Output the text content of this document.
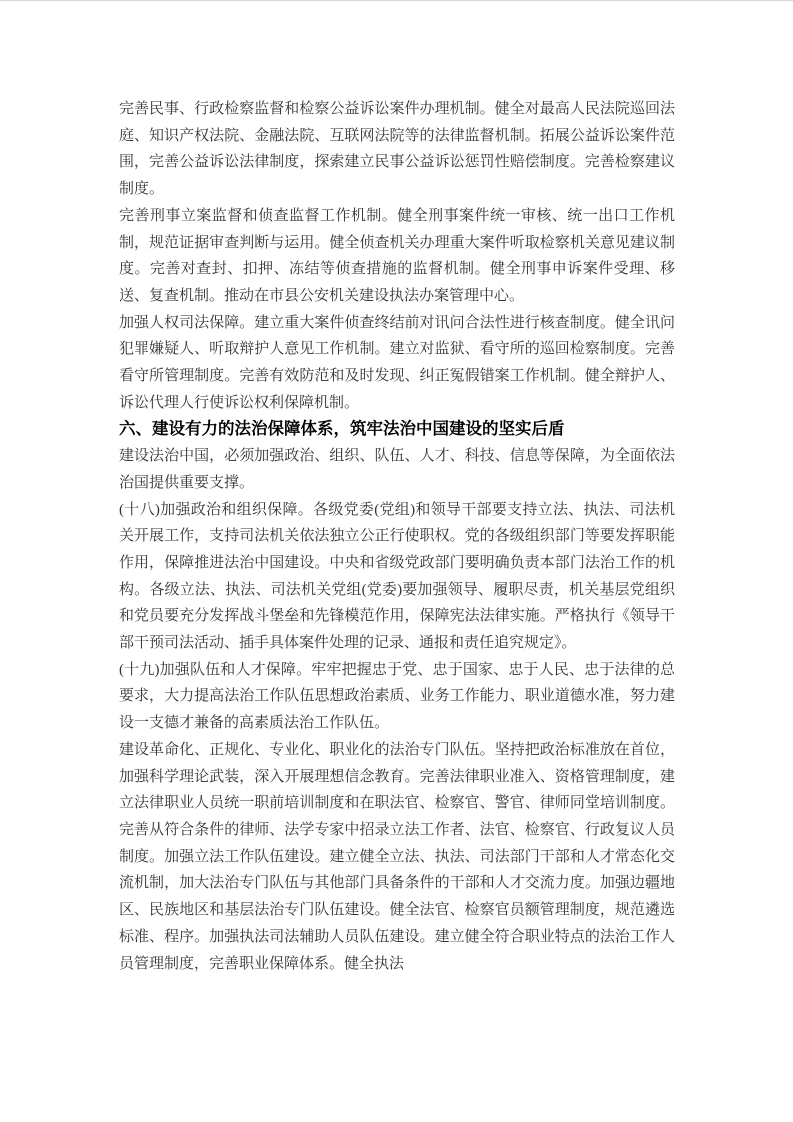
完善民事、行政检察监督和检察公益诉讼案件办理机制。健全对最高人民法院巡回法庭、知识产权法院、金融法院、互联网法院等的法律监督机制。拓展公益诉讼案件范围，完善公益诉讼法律制度，探索建立民事公益诉讼惩罚性赔偿制度。完善检察建议制度。

完善刑事立案监督和侦查监督工作机制。健全刑事案件统一审核、统一出口工作机制，规范证据审查判断与运用。健全侦查机关办理重大案件听取检察机关意见建议制度。完善对查封、扣押、冻结等侦查措施的监督机制。健全刑事申诉案件受理、移送、复查机制。推动在市县公安机关建设执法办案管理中心。

加强人权司法保障。建立重大案件侦查终结前对讯问合法性进行核查制度。健全讯问犯罪嫌疑人、听取辩护人意见工作机制。建立对监狱、看守所的巡回检察制度。完善看守所管理制度。完善有效防范和及时发现、纠正冤假错案工作机制。健全辩护人、诉讼代理人行使诉讼权利保障机制。

六、建设有力的法治保障体系，筑牢法治中国建设的坚实后盾

建设法治中国，必须加强政治、组织、队伍、人才、科技、信息等保障，为全面依法治国提供重要支撑。

(十八)加强政治和组织保障。各级党委(党组)和领导干部要支持立法、执法、司法机关开展工作，支持司法机关依法独立公正行使职权。党的各级组织部门等要发挥职能作用，保障推进法治中国建设。中央和省级党政部门要明确负责本部门法治工作的机构。各级立法、执法、司法机关党组(党委)要加强领导、履职尽责，机关基层党组织和党员要充分发挥战斗堡垒和先锋模范作用，保障宪法法律实施。严格执行《领导干部干预司法活动、插手具体案件处理的记录、通报和责任追究规定》。

(十九)加强队伍和人才保障。牢牢把握忠于党、忠于国家、忠于人民、忠于法律的总要求，大力提高法治工作队伍思想政治素质、业务工作能力、职业道德水准，努力建设一支德才兼备的高素质法治工作队伍。

建设革命化、正规化、专业化、职业化的法治专门队伍。坚持把政治标准放在首位，加强科学理论武装，深入开展理想信念教育。完善法律职业准入、资格管理制度，建立法律职业人员统一职前培训制度和在职法官、检察官、警官、律师同堂培训制度。完善从符合条件的律师、法学专家中招录立法工作者、法官、检察官、行政复议人员制度。加强立法工作队伍建设。建立健全立法、执法、司法部门干部和人才常态化交流机制，加大法治专门队伍与其他部门具备条件的干部和人才交流力度。加强边疆地区、民族地区和基层法治专门队伍建设。健全法官、检察官员额管理制度，规范遴选标准、程序。加强执法司法辅助人员队伍建设。建立健全符合职业特点的法治工作人员管理制度，完善职业保障体系。健全执法
